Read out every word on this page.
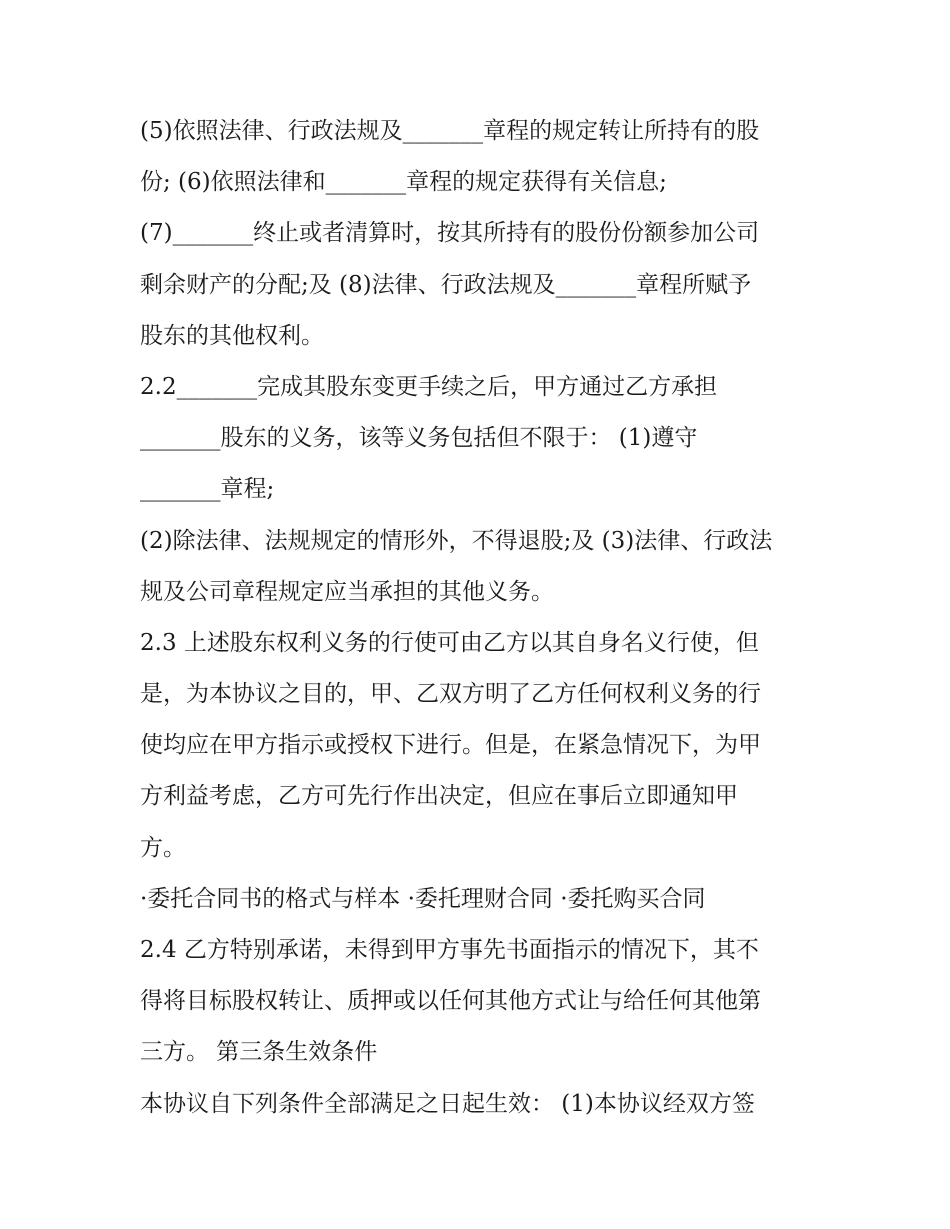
(5)依照法律、行政法规及_______章程的规定转让所持有的股
份; (6)依照法律和_______章程的规定获得有关信息;
(7)_______终止或者清算时，按其所持有的股份份额参加公司
剩余财产的分配;及 (8)法律、行政法规及_______章程所赋予
股东的其他权利。
2.2_______完成其股东变更手续之后，甲方通过乙方承担
_______股东的义务，该等义务包括但不限于： (1)遵守
_______章程;
(2)除法律、法规规定的情形外，不得退股;及 (3)法律、行政法
规及公司章程规定应当承担的其他义务。
2.3 上述股东权利义务的行使可由乙方以其自身名义行使，但
是，为本协议之目的，甲、乙双方明了乙方任何权利义务的行
使均应在甲方指示或授权下进行。但是，在紧急情况下，为甲
方利益考虑，乙方可先行作出决定，但应在事后立即通知甲
方。
·委托合同书的格式与样本 ·委托理财合同 ·委托购买合同
2.4 乙方特别承诺，未得到甲方事先书面指示的情况下，其不
得将目标股权转让、质押或以任何其他方式让与给任何其他第
三方。 第三条生效条件
本协议自下列条件全部满足之日起生效： (1)本协议经双方签
